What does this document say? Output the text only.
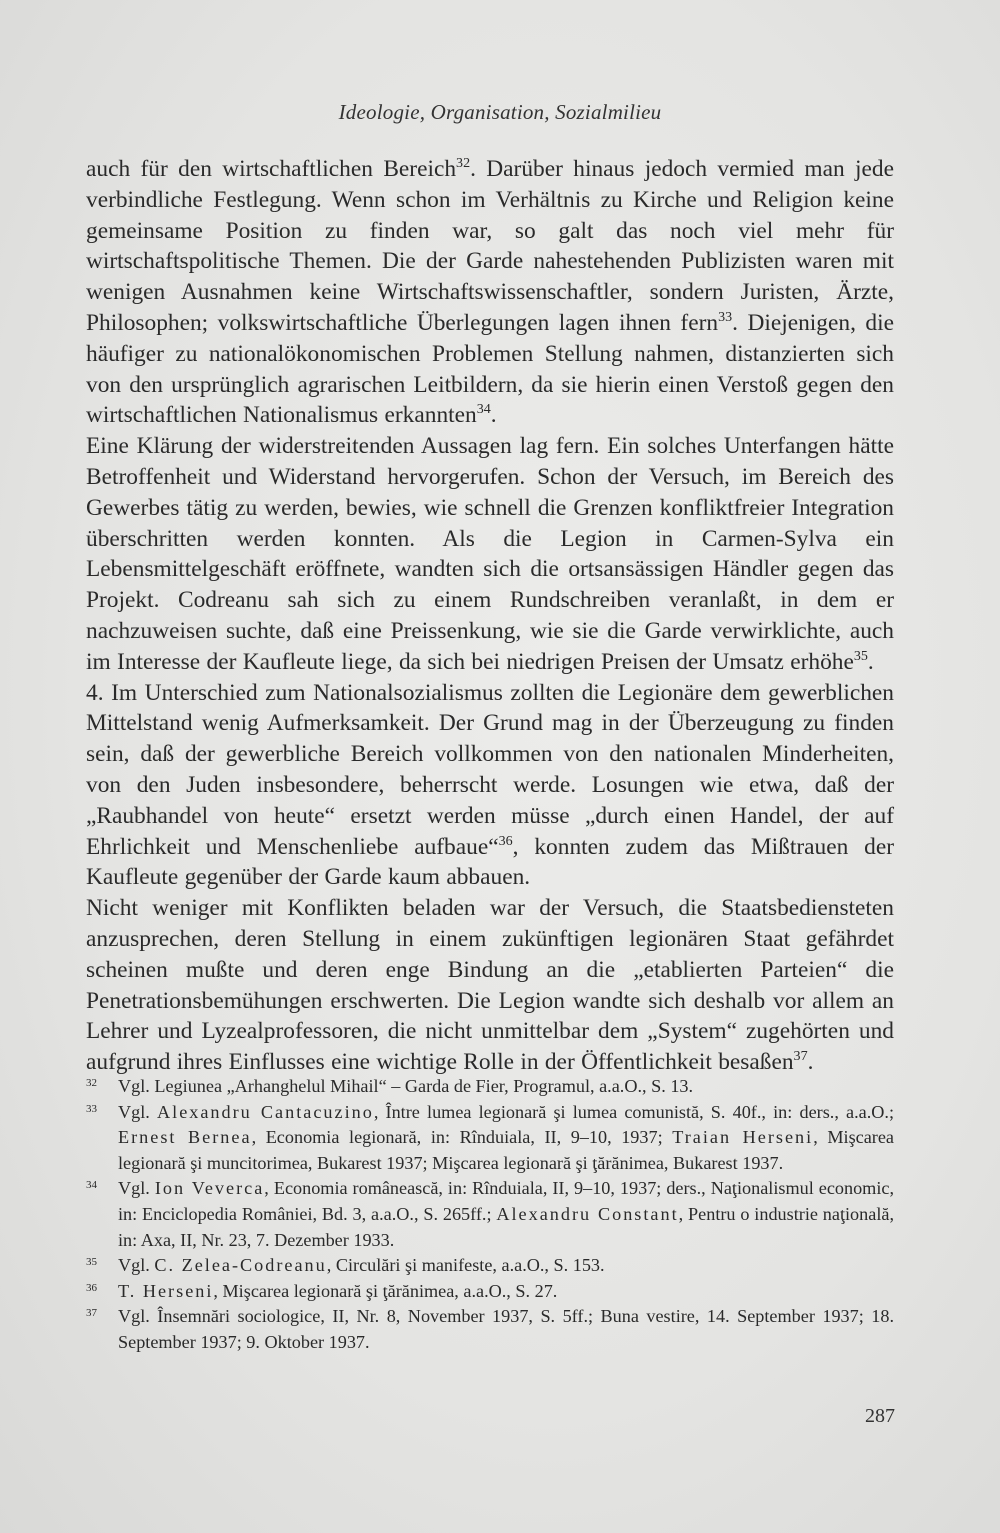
Ideologie, Organisation, Sozialmilieu

auch für den wirtschaftlichen Bereich$^{32}$. Darüber hinaus jedoch vermied man jede verbindliche Festlegung. Wenn schon im Verhältnis zu Kirche und Religion keine gemeinsame Position zu finden war, so galt das noch viel mehr für wirtschaftspolitische Themen. Die der Garde nahestehenden Publizisten waren mit wenigen Ausnahmen keine Wirtschaftswissenschaftler, sondern Juristen, Ärzte, Philosophen; volkswirtschaftliche Überlegungen lagen ihnen fern$^{33}$. Diejenigen, die häufiger zu nationalökonomischen Problemen Stellung nahmen, distanzierten sich von den ursprünglich agrarischen Leitbildern, da sie hierin einen Verstoß gegen den wirtschaftlichen Nationalismus erkannten$^{34}$.

Eine Klärung der widerstreitenden Aussagen lag fern. Ein solches Unterfangen hätte Betroffenheit und Widerstand hervorgerufen. Schon der Versuch, im Bereich des Gewerbes tätig zu werden, bewies, wie schnell die Grenzen konfliktfreier Integration überschritten werden konnten. Als die Legion in Carmen-Sylva ein Lebensmittelgeschäft eröffnete, wandten sich die ortsansässigen Händler gegen das Projekt. Codreanu sah sich zu einem Rundschreiben veranlaßt, in dem er nachzuweisen suchte, daß eine Preissenkung, wie sie die Garde verwirklichte, auch im Interesse der Kaufleute liege, da sich bei niedrigen Preisen der Umsatz erhöhe$^{35}$.

4. Im Unterschied zum Nationalsozialismus zollten die Legionäre dem gewerblichen Mittelstand wenig Aufmerksamkeit. Der Grund mag in der Überzeugung zu finden sein, daß der gewerbliche Bereich vollkommen von den nationalen Minderheiten, von den Juden insbesondere, beherrscht werde. Losungen wie etwa, daß der „Raubhandel von heute“ ersetzt werden müsse „durch einen Handel, der auf Ehrlichkeit und Menschenliebe aufbaue“$^{36}$, konnten zudem das Mißtrauen der Kaufleute gegenüber der Garde kaum abbauen.

Nicht weniger mit Konflikten beladen war der Versuch, die Staatsbediensteten anzusprechen, deren Stellung in einem zukünftigen legionären Staat gefährdet scheinen mußte und deren enge Bindung an die „etablierten Parteien“ die Penetrationsbemühungen erschwerten. Die Legion wandte sich deshalb vor allem an Lehrer und Lyzealprofessoren, die nicht unmittelbar dem „System“ zugehörten und aufgrund ihres Einflusses eine wichtige Rolle in der Öffentlichkeit besaßen$^{37}$.

32 Vgl. Legiunea „Arhanghelul Mihail“ – Garda de Fier, Programul, a.a.O., S. 13.

33 Vgl. Alexandru Cantacuzino, Între lumea legionară şi lumea comunistă, S. 40f., in: ders., a.a.O.; Ernest Bernea, Economia legionară, in: Rînduiala, II, 9–10, 1937; Traian Herseni, Mişcarea legionară şi muncitorimea, Bukarest 1937; Mişcarea legionară şi ţărănimea, Bukarest 1937.

34 Vgl. Ion Veverca, Economia românească, in: Rînduiala, II, 9–10, 1937; ders., Naţionalismul economic, in: Enciclopedia României, Bd. 3, a.a.O., S. 265ff.; Alexandru Constant, Pentru o industrie naţională, in: Axa, II, Nr. 23, 7. Dezember 1933.

35 Vgl. C. Zelea-Codreanu, Circulări şi manifeste, a.a.O., S. 153.

36 T. Herseni, Mişcarea legionară şi ţărănimea, a.a.O., S. 27.

37 Vgl. Însemnări sociologice, II, Nr. 8, November 1937, S. 5ff.; Buna vestire, 14. September 1937; 18. September 1937; 9. Oktober 1937.

287
